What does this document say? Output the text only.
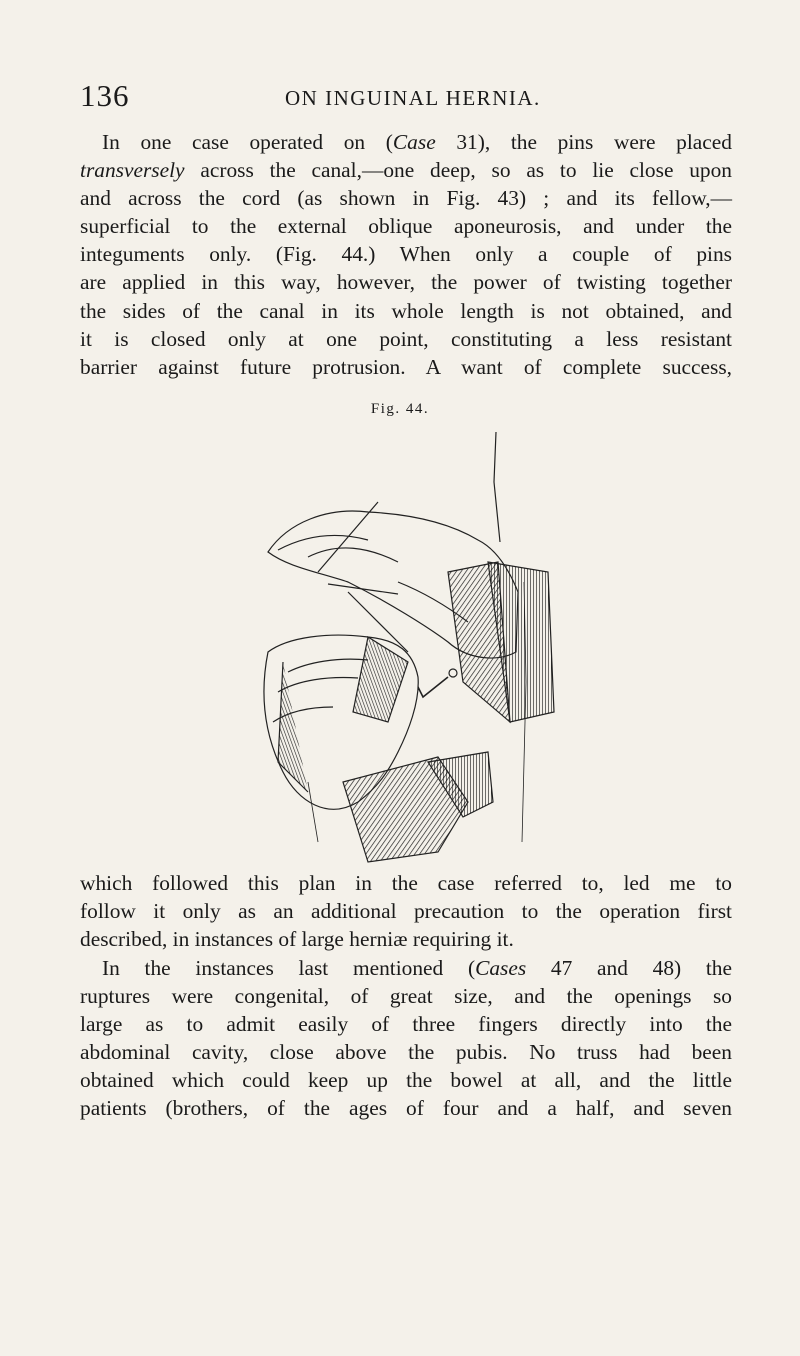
136	ON INGUINAL HERNIA.
In one case operated on (Case 31), the pins were placed
transversely across the canal,—one deep, so as to lie close upon
and across the cord (as shown in Fig. 43) ; and its fellow,—
superficial to the external oblique aponeurosis, and under the
integuments only. (Fig. 44.) When only a couple of pins
are applied in this way, however, the power of twisting together
the sides of the canal in its whole length is not obtained, and
it is closed only at one point, constituting a less resistant
barrier against future protrusion. A want of complete success,
Fig. 44.
which followed this plan in the case referred to, led me to
follow it only as an additional precaution to the operation first
described, in instances of large herniæ requiring it.
In the instances last mentioned (Cases 47 and 48) the
ruptures were congenital, of great size, and the openings so
large as to admit easily of three fingers directly into the
abdominal cavity, close above the pubis. No truss had been
obtained which could keep up the bowel at all, and the little
patients (brothers, of the ages of four and a half, and seven
